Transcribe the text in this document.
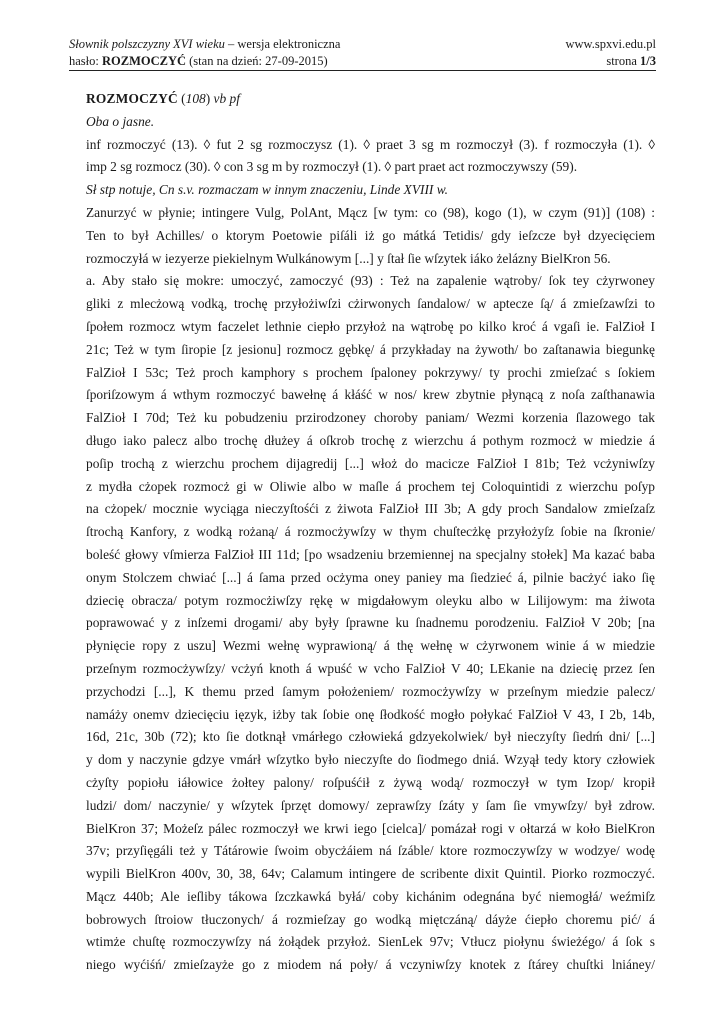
Słownik polszczyzny XVI wieku – wersja elektroniczna
hasło: ROZMOCZYĆ (stan na dzień: 27-09-2015)
www.spxvi.edu.pl
strona 1/3
ROZMOCZYĆ (108) vb pf
Oba o jasne.
inf rozmoczyć (13). ◊ fut 2 sg rozmoczysz (1). ◊ praet 3 sg m rozmoczył (3). f rozmoczyła (1). ◊
imp 2 sg rozmocz (30). ◊ con 3 sg m by rozmoczył (1). ◊ part praet act rozmoczywszy (59).
Sł stp notuje, Cn s.v. rozmaczam w innym znaczeniu, Linde XVIII w.
Zanurzyć w płynie; intingere Vulg, PolAnt, Mącz [w tym: co (98), kogo (1), w czym (91)] (108) :
Ten to był Achilles/ o ktorym Poetowie piſáli iż go mátká Tetidis/ gdy ieſzcze był dzyecięciem
rozmoczyłá w iezyerze piekielnym Wulkánowym [...] y ſtał ſie wſzytek iáko żelázny BielKron 56.
a. Aby stało się mokre: umoczyć, zamoczyć (93) : Też na zapalenie wątroby/ ſok tey cżyrwoney
gliki z mlecżową vodką, trochę przyłożiwſzi cżirwonych ſandalow/ w aptecze ſą/ á zmieſzawſzi to
ſpołem rozmocz wtym faczelet lethnie ciepło przyłoż na wątrobę po kilko kroć á vgaſi ie. FalZioł I
21c; Też w tym ſiropie [z jesionu] rozmocz gębkę/ á przykładay na żywoth/ bo zaſtanawia biegunkę
FalZioł I 53c; Też proch kamphory s prochem ſpaloney pokrzywy/ ty prochi zmieſzać s ſokiem
ſporiſzowym á wthym rozmoczyć bawełnę á kłáść w nos/ krew zbytnie płynącą z noſa zaſthanawia
FalZioł I 70d; Też ku pobudzeniu przirodzoney choroby paniam/ Wezmi korzenia ſlazowego tak
długo iako palecz albo trochę dłużey á oſkrob trochę z wierzchu á pothym rozmocż w miedzie á
poſip trochą z wierzchu prochem dijagredij [...] włoż do macicze FalZioł I 81b; Też vcżyniwſzy
z mydła cżopek rozmocż gi w Oliwie albo w maſle á prochem tej Coloquintidi z wierzchu poſyp
na cżopek/ mocznie wyciąga nieczyſtośći z żiwota FalZioł III 3b; A gdy proch Sandalow zmieſzaſz
ſtrochą Kanfory, z wodką rożaną/ á rozmocżywſzy w thym chuſtecżkę przyłożyſz ſobie na ſkronie/
boleść głowy vſmierza FalZioł III 11d; [po wsadzeniu brzemiennej na specjalny stołek] Ma kazać baba
onym Stolczem chwiać [...] á ſama przed ocżyma oney paniey ma ſiedzieć á, pilnie bacżyć iako ſię
dziecię obracza/ potym rozmocżiwſzy rękę w migdałowym oleyku albo w Lilijowym: ma żiwota
poprawować y z inſzemi drogami/ aby były ſprawne ku ſnadnemu porodzeniu. FalZioł V 20b; [na
płynięcie ropy z uszu] Wezmi wełnę wyprawioną/ á thę wełnę w cżyrwonem winie á w miedzie
przeſnym rozmocżywſzy/ vcżyń knoth á wpuść w vcho FalZioł V 40; LEkanie na dziecię przez ſen
przychodzi [...], K themu przed ſamym położeniem/ rozmocżywſzy w przeſnym miedzie palecz/
namáży onemv dziecięciu ięzyk, iżby tak ſobie onę ſłodkość mogło połykać FalZioł V 43, I 2b, 14b,
16d, 21c, 30b (72); kto ſie dotknął vmárłego człowieká gdzyekolwiek/ był nieczyſty ſiedḿ dni/ [...]
y dom y naczynie gdzye vmárł wſzytko było nieczyſte do ſiodmego dniá. Wzyął tedy ktory człowiek
cżyſty popiołu iáłowice żołtey palony/ roſpuśćił z żywą wodą/ rozmoczył w tym Izop/ kropił
ludzi/ dom/ naczynie/ y wſzytek ſprzęt domowy/ zeprawſzy ſzáty y ſam ſie vmywſzy/ był zdrow.
BielKron 37; Możeſz pálec rozmoczył we krwi iego [cielca]/ pomázał rogi v ołtarzá w koło BielKron
37v; przyſięgáli też y Tátárowie ſwoim obycżáiem ná ſzáble/ ktore rozmoczywſzy w wodzye/ wodę
wypili BielKron 400v, 30, 38, 64v; Calamum intingere de scribente dixit Quintil. Piorko rozmoczyć.
Mącz 440b; Ale ieſliby tákowa ſzczkawká byłá/ coby kichánim odegnána być niemogłá/ weźmiſz
bobrowych ſtroiow tłuczonych/ á rozmieſzay go wodką miętczáną/ dáyże ćiepło choremu pić/ á
wtimże chuſtę rozmoczywſzy ná żołądek przyłoż. SienLek 97v; Vtłucz piołynu świeżégo/ á ſok s
niego wyćiśń/ zmieſzayże go z miodem ná poły/ á vczyniwſzy knotek z ſtárey chuſtki lniáney/
